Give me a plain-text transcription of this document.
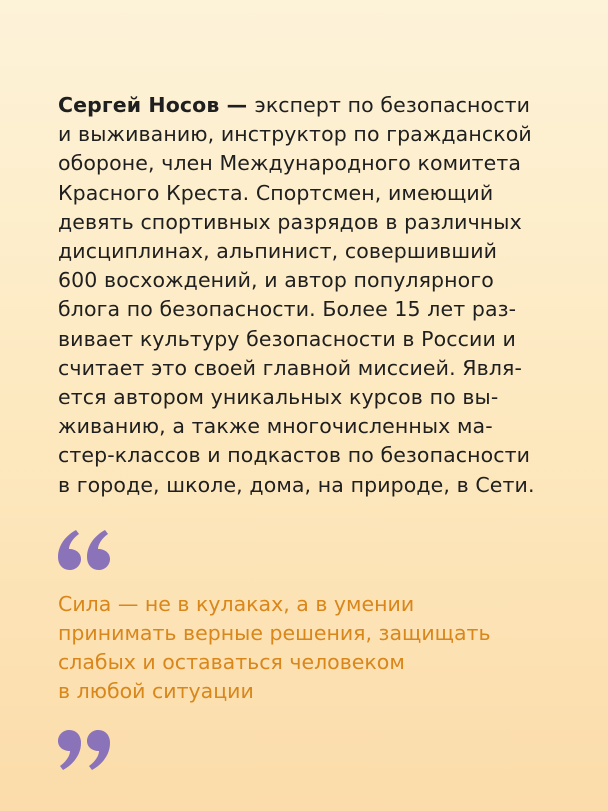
Сергей Носов — эксперт по безопасности
и выживанию, инструктор по гражданской
обороне, член Международного комитета
Красного Креста. Спортсмен, имеющий
девять спортивных разрядов в различных
дисциплинах, альпинист, совершивший
600 восхождений, и автор популярного
блога по безопасности. Более 15 лет раз-
вивает культуру безопасности в России и
считает это своей главной миссией. Явля-
ется автором уникальных курсов по вы-
живанию, а также многочисленных ма-
стер-классов и подкастов по безопасности
в городе, школе, дома, на природе, в Сети.
Сила — не в кулаках, а в умении
принимать верные решения, защищать
слабых и оставаться человеком
в любой ситуации
